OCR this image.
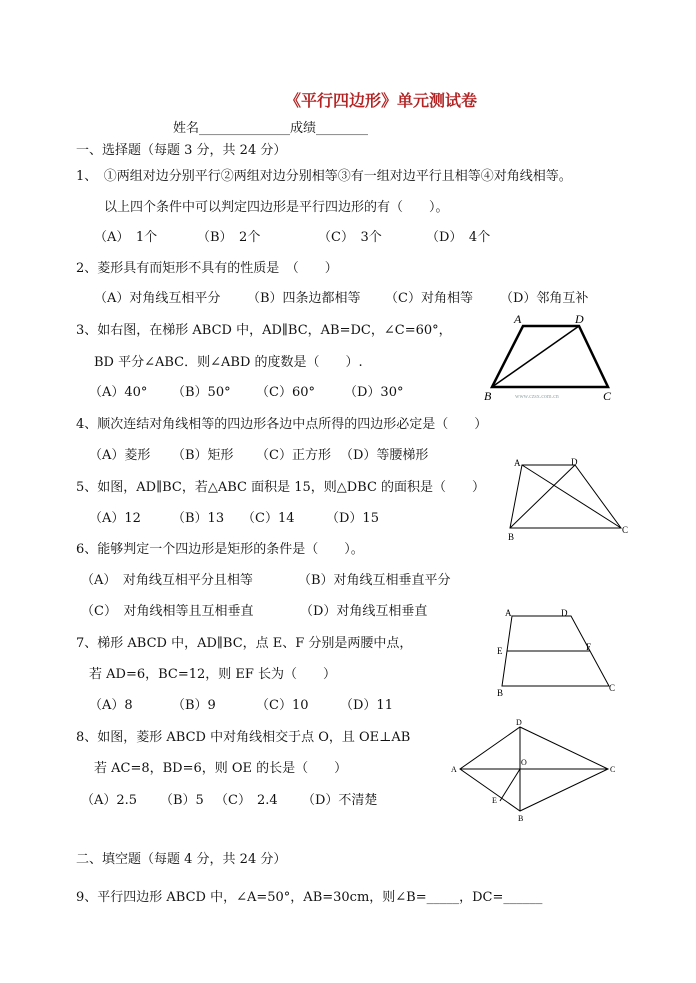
《平行四边形》单元测试卷
姓名______________成绩________
一、选择题（每题 3 分，共 24 分）
1、　①两组对边分别平行②两组对边分别相等③有一组对边平行且相等④对角线相等。
以上四个条件中可以判定四边形是平行四边形的有（　　）。
（A）　1个	（B）　2个	（C）　3个	（D）　4个
2、菱形具有而矩形不具有的性质是　（　　）
（A）对角线互相平分 （B）四条边都相等 （C）对角相等 （D）邻角互补
3、如右图，在梯形 ABCD 中，AD∥BC，AB=DC，∠C=60°，
BD 平分∠ABC．则∠ABD 的度数是（　　）.
（A）40° （B）50° （C）60° （D）30°
A	D
B	C
www.czsx.com.cn
4、顺次连结对角线相等的四边形各边中点所得的四边形必定是（　　）
（A）菱形 （B）矩形 （C）正方形 （D）等腰梯形
5、如图，AD∥BC，若△ABC 面积是 15，则△DBC 的面积是（　　）
（A）12 （B）13 （C）14 （D）15
A	D
B
C
6、能够判定一个四边形是矩形的条件是（　　）。
（A）　对角线互相平分且相等	（B）对角线互相垂直平分
（C）　对角线相等且互相垂直	（D）对角线互相垂直
7、梯形 ABCD 中，AD∥BC，点 E、F 分别是两腰中点，
若 AD=6，BC=12，则 EF 长为（　　）
（A）8	（B）9	（C）10 （D）11
A	D
E	F
B	C
8、如图，菱形 ABCD 中对角线相交于点 O，且 OE⊥AB
若 AC=8，BD=6，则 OE 的长是（　　）
（A）2.5 （B）5 （C） 2.4 （D）不清楚
D
A
O
C
E
B
二、填空题（每题 4 分，共 24 分）
9、平行四边形 ABCD 中，∠A=50°，AB=30cm，则∠B=_____，DC=______
